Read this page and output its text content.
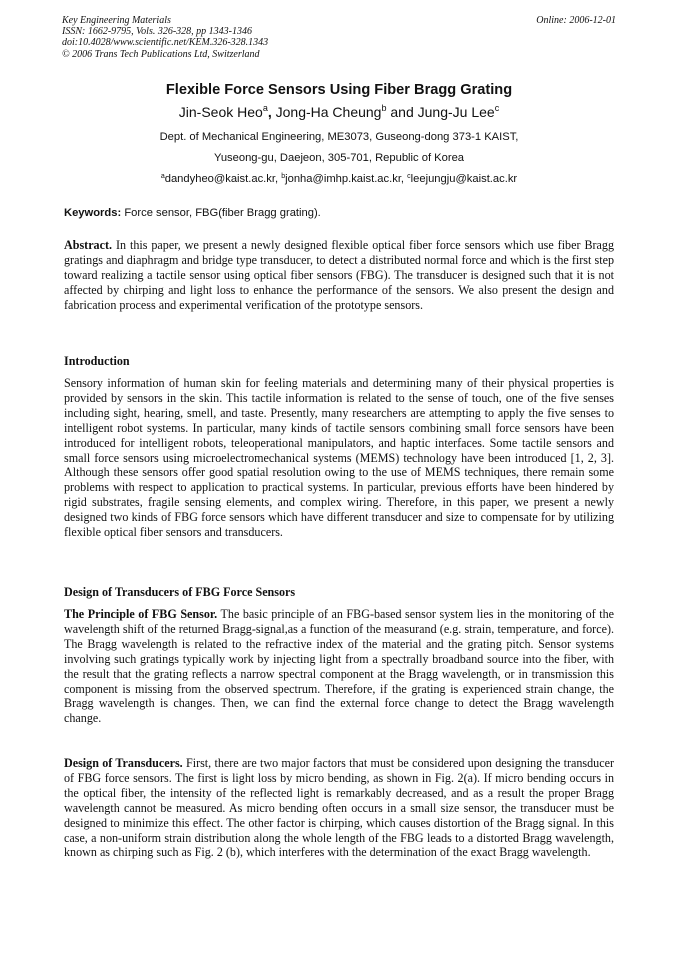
Key Engineering Materials
ISSN: 1662-9795, Vols. 326-328, pp 1343-1346
doi:10.4028/www.scientific.net/KEM.326-328.1343
© 2006 Trans Tech Publications Ltd, Switzerland
Online: 2006-12-01
Flexible Force Sensors Using Fiber Bragg Grating
Jin-Seok Heo$^a$, Jong-Ha Cheung$^b$ and Jung-Ju Lee$^c$
Dept. of Mechanical Engineering, ME3073, Guseong-dong 373-1 KAIST,
Yuseong-gu, Daejeon, 305-701, Republic of Korea
$^a$dandyheo@kaist.ac.kr, $^b$jonha@imhp.kaist.ac.kr, $^c$leejungju@kaist.ac.kr
Keywords: Force sensor, FBG(fiber Bragg grating).
Abstract. In this paper, we present a newly designed flexible optical fiber force sensors which use fiber Bragg gratings and diaphragm and bridge type transducer, to detect a distributed normal force and which is the first step toward realizing a tactile sensor using optical fiber sensors (FBG). The transducer is designed such that it is not affected by chirping and light loss to enhance the performance of the sensors. We also present the design and fabrication process and experimental verification of the prototype sensors.
Introduction
Sensory information of human skin for feeling materials and determining many of their physical properties is provided by sensors in the skin. This tactile information is related to the sense of touch, one of the five senses including sight, hearing, smell, and taste. Presently, many researchers are attempting to apply the five senses to intelligent robot systems. In particular, many kinds of tactile sensors combining small force sensors have been introduced for intelligent robots, teleoperational manipulators, and haptic interfaces. Some tactile sensors and small force sensors using microelectromechanical systems (MEMS) technology have been introduced [1, 2, 3]. Although these sensors offer good spatial resolution owing to the use of MEMS techniques, there remain some problems with respect to application to practical systems. In particular, previous efforts have been hindered by rigid substrates, fragile sensing elements, and complex wiring. Therefore, in this paper, we present a newly designed two kinds of FBG force sensors which have different transducer and size to compensate for by utilizing flexible optical fiber sensors and transducers.
Design of Transducers of FBG Force Sensors
The Principle of FBG Sensor. The basic principle of an FBG-based sensor system lies in the monitoring of the wavelength shift of the returned Bragg-signal,as a function of the measurand (e.g. strain, temperature, and force). The Bragg wavelength is related to the refractive index of the material and the grating pitch. Sensor systems involving such gratings typically work by injecting light from a spectrally broadband source into the fiber, with the result that the grating reflects a narrow spectral component at the Bragg wavelength, or in transmission this component is missing from the observed spectrum. Therefore, if the grating is experienced strain change, the Bragg wavelength is changes. Then, we can find the external force change to detect the Bragg wavelength change.
Design of Transducers. First, there are two major factors that must be considered upon designing the transducer of FBG force sensors. The first is light loss by micro bending, as shown in Fig. 2(a). If micro bending occurs in the optical fiber, the intensity of the reflected light is remarkably decreased, and as a result the proper Bragg wavelength cannot be measured. As micro bending often occurs in a small size sensor, the transducer must be designed to minimize this effect. The other factor is chirping, which causes distortion of the Bragg signal. In this case, a non-uniform strain distribution along the whole length of the FBG leads to a distorted Bragg wavelength, known as chirping such as Fig. 2 (b), which interferes with the determination of the exact Bragg wavelength.
